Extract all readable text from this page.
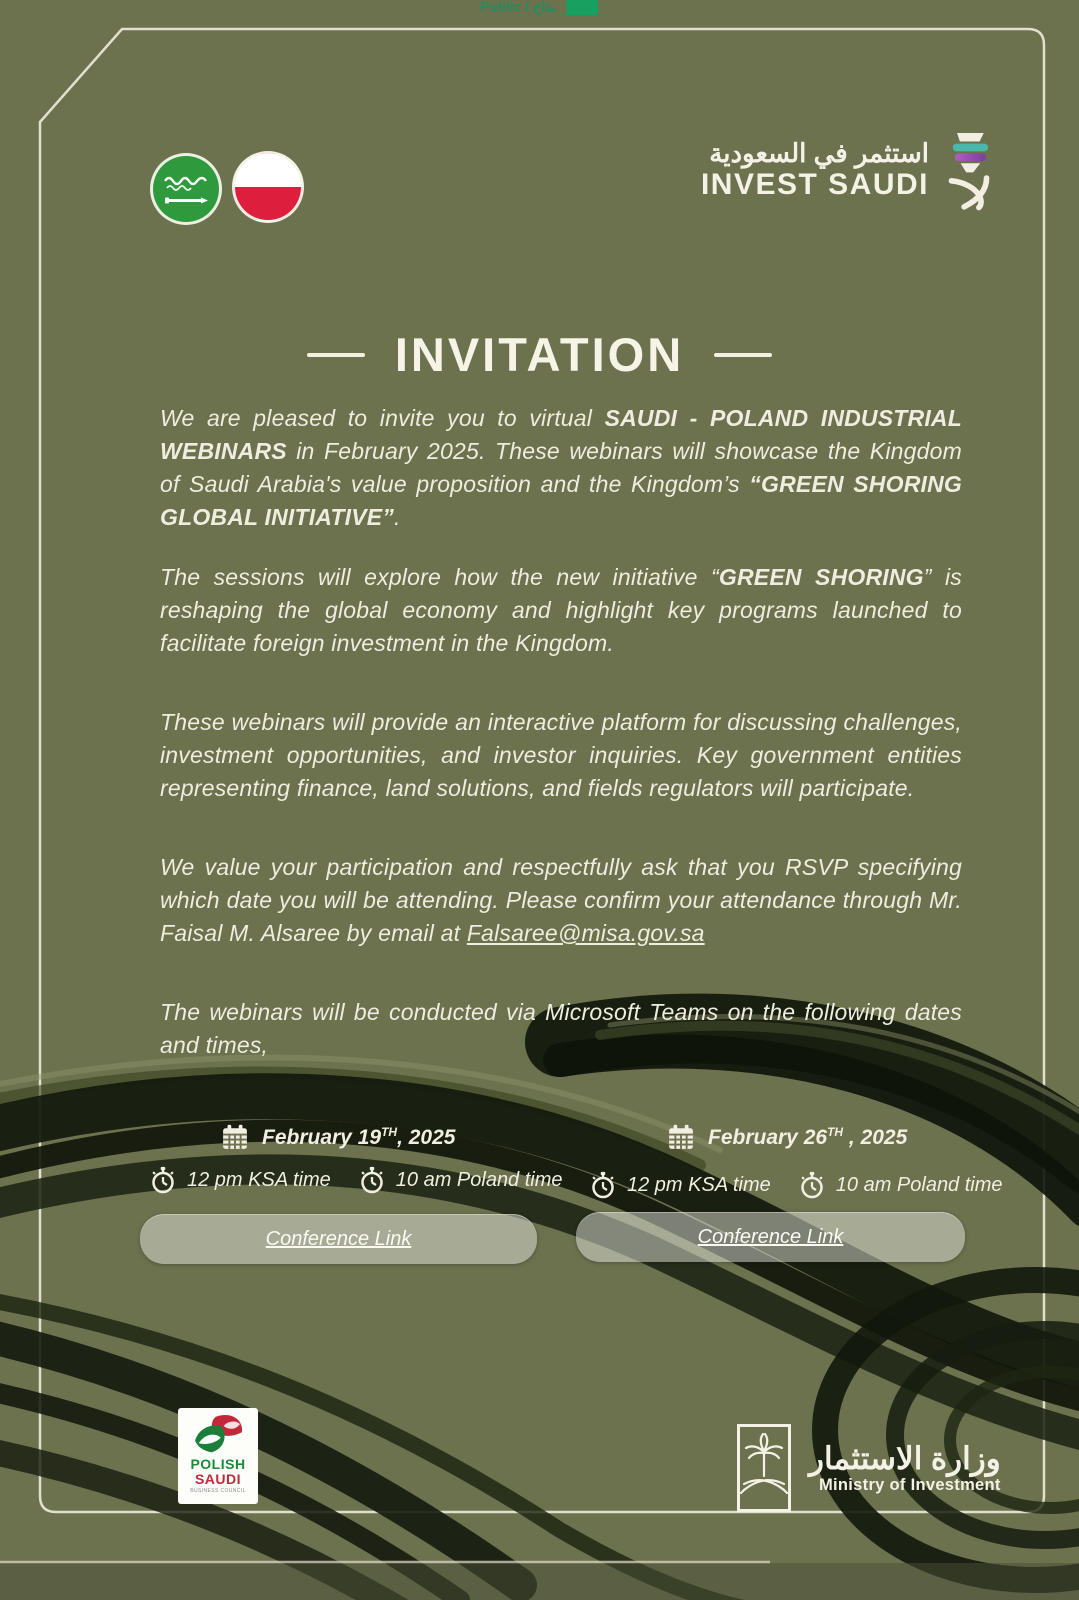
Public / متاح
استثمر في السعودية
INVEST SAUDI
INVITATION

We are pleased to invite you to virtual SAUDI - POLAND INDUSTRIAL WEBINARS in February 2025. These webinars will showcase the Kingdom of Saudi Arabia's value proposition and the Kingdom’s “GREEN SHORING GLOBAL INITIATIVE”.

The sessions will explore how the new initiative “GREEN SHORING” is reshaping the global economy and highlight key programs launched to facilitate foreign investment in the Kingdom.

These webinars will provide an interactive platform for discussing challenges, investment opportunities, and investor inquiries. Key government entities representing finance, land solutions, and fields regulators will participate.

We value your participation and respectfully ask that you RSVP specifying which date you will be attending. Please confirm your attendance through Mr. Faisal M. Alsaree by email at Falsaree@misa.gov.sa

The webinars will be conducted via Microsoft Teams on the following dates and times,

February 19TH, 2025
12 pm KSA time	10 am Poland time
Conference Link
February 26TH , 2025
12 pm KSA time	10 am Poland time
Conference Link
POLISH
SAUDI
BUSINESS COUNCIL
وزارة الاستثمار
Ministry of Investment
